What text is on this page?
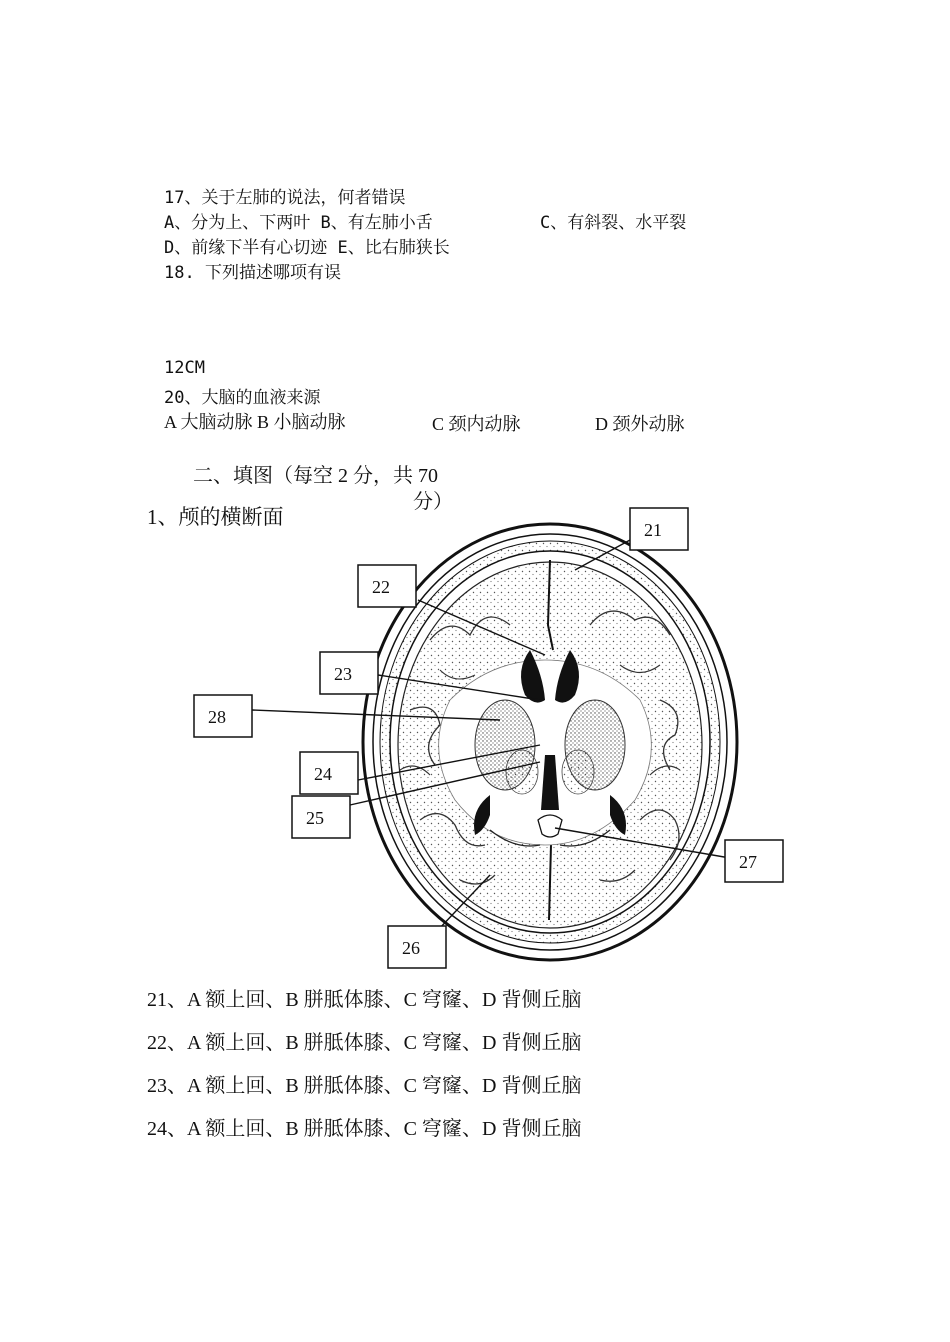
17、关于左肺的说法，何者错误
A、分为上、下两叶 B、有左肺小舌	C、有斜裂、水平裂
D、前缘下半有心切迹 E、比右肺狭长
18. 下列描述哪项有误
12CM
20、大脑的血液来源
A 大脑动脉 B 小脑动脉	C 颈内动脉	D 颈外动脉
二、填图（每空 2 分，共 70
分）
1、颅的横断面
21
22
23
28
24
25
27
26
21、A 额上回、B 胼胝体膝、C 穹窿、D 背侧丘脑
22、A 额上回、B 胼胝体膝、C 穹窿、D 背侧丘脑
23、A 额上回、B 胼胝体膝、C 穹窿、D 背侧丘脑
24、A 额上回、B 胼胝体膝、C 穹窿、D 背侧丘脑
